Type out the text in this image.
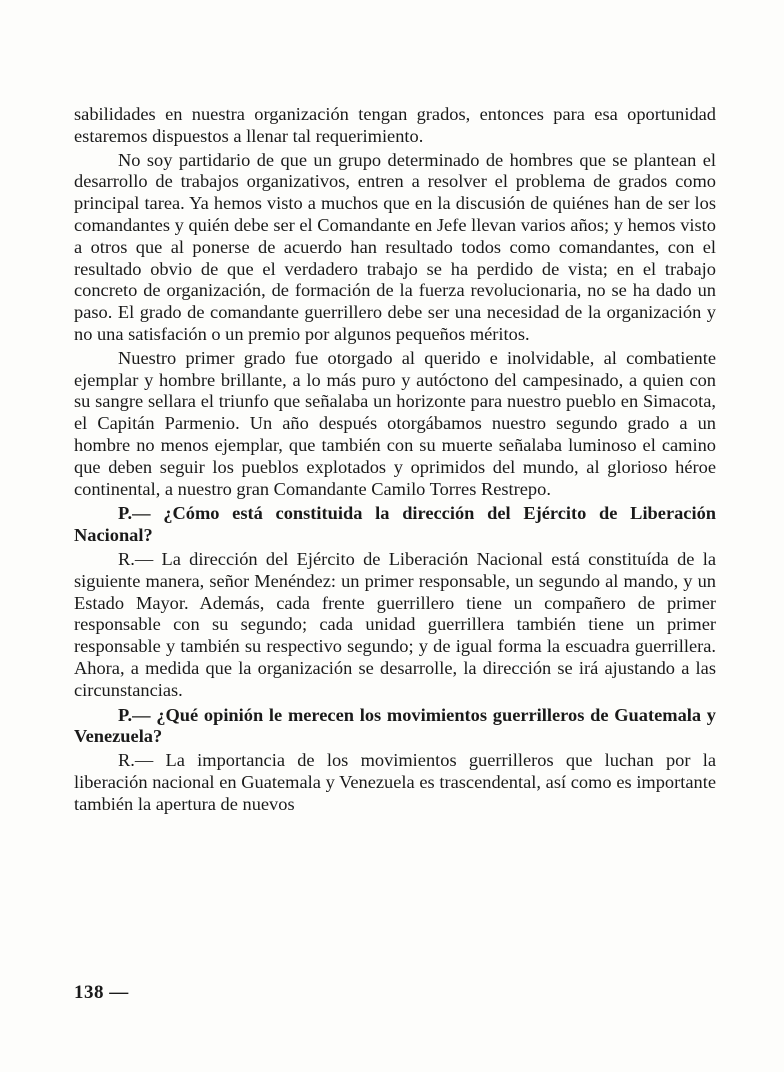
sabilidades en nuestra organización tengan grados, entonces para esa oportunidad estaremos dispuestos a llenar tal requerimiento.

No soy partidario de que un grupo determinado de hombres que se plantean el desarrollo de trabajos organizativos, entren a resolver el problema de grados como principal tarea. Ya hemos visto a muchos que en la discusión de quiénes han de ser los comandantes y quién debe ser el Comandante en Jefe llevan varios años; y hemos visto a otros que al ponerse de acuerdo han resultado todos como comandantes, con el resultado obvio de que el verdadero trabajo se ha perdido de vista; en el trabajo concreto de organización, de formación de la fuerza revolucionaria, no se ha dado un paso. El grado de comandante guerrillero debe ser una necesidad de la organización y no una satisfación o un premio por algunos pequeños méritos.

Nuestro primer grado fue otorgado al querido e inolvidable, al combatiente ejemplar y hombre brillante, a lo más puro y autóctono del campesinado, a quien con su sangre sellara el triunfo que señalaba un horizonte para nuestro pueblo en Simacota, el Capitán Parmenio. Un año después otorgábamos nuestro segundo grado a un hombre no menos ejemplar, que también con su muerte señalaba luminoso el camino que deben seguir los pueblos explotados y oprimidos del mundo, al glorioso héroe continental, a nuestro gran Comandante Camilo Torres Restrepo.

P.— ¿Cómo está constituida la dirección del Ejército de Liberación Nacional?

R.— La dirección del Ejército de Liberación Nacional está constituída de la siguiente manera, señor Menéndez: un primer responsable, un segundo al mando, y un Estado Mayor. Además, cada frente guerrillero tiene un compañero de primer responsable con su segundo; cada unidad guerrillera también tiene un primer responsable y también su respectivo segundo; y de igual forma la escuadra guerrillera. Ahora, a medida que la organización se desarrolle, la dirección se irá ajustando a las circunstancias.

P.— ¿Qué opinión le merecen los movimientos guerrilleros de Guatemala y Venezuela?

R.— La importancia de los movimientos guerrilleros que luchan por la liberación nacional en Guatemala y Venezuela es trascendental, así como es importante también la apertura de nuevos

138 —
